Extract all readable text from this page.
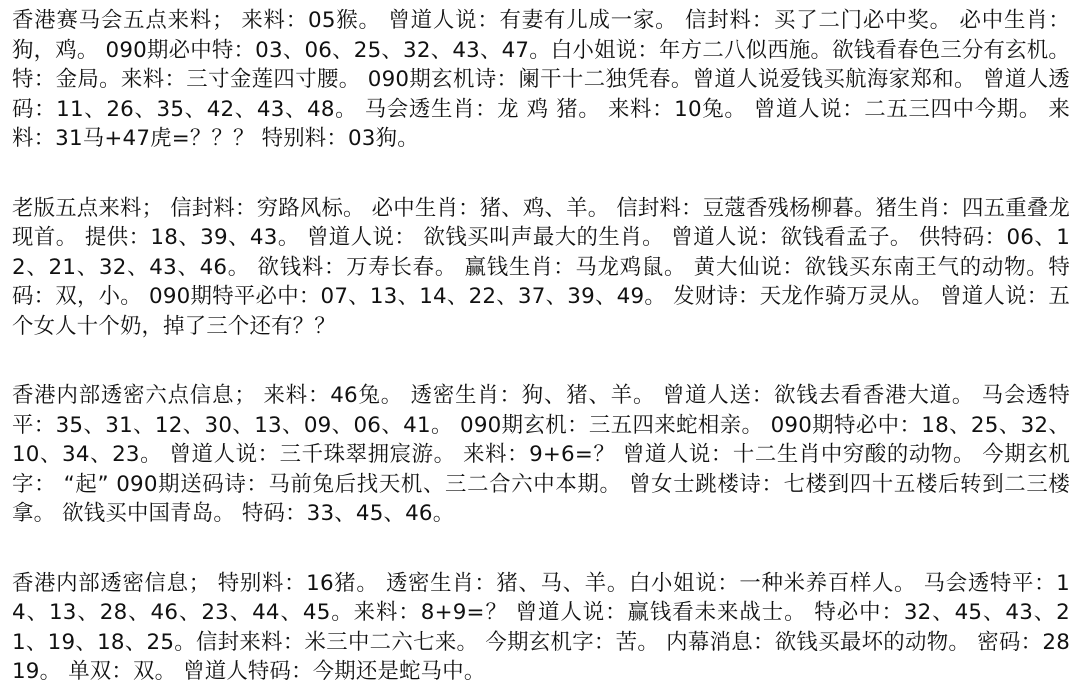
香港赛马会五点来料； 来料：05猴。 曾道人说：有妻有儿成一家。 信封料：买了二门必中奖。 必中生肖：狗，鸡。 090期必中特：03、06、25、32、43、47。白小姐说：年方二八似西施。欲钱看春色三分有玄机。 特：金局。来料：三寸金莲四寸腰。 090期玄机诗：阑干十二独凭春。曾道人说爱钱买航海家郑和。 曾道人透码：11、26、35、42、43、48。 马会透生肖：龙 鸡 猪。 来料：10兔。 曾道人说：二五三四中今期。 来料：31马+47虎=？？？ 特别料：03狗。

老版五点来料； 信封料：穷路风标。 必中生肖：猪、鸡、羊。 信封料：豆蔻香残杨柳暮。猪生肖：四五重叠龙现首。 提供：18、39、43。 曾道人说： 欲钱买叫声最大的生肖。 曾道人说：欲钱看孟子。 供特码：06、12、21、32、43、46。 欲钱料：万寿长春。 赢钱生肖：马龙鸡鼠。 黄大仙说：欲钱买东南王气的动物。特码：双，小。 090期特平必中：07、13、14、22、37、39、49。 发财诗：天龙作骑万灵从。 曾道人说：五个女人十个奶，掉了三个还有？？

香港内部透密六点信息； 来料：46兔。 透密生肖：狗、猪、羊。 曾道人送：欲钱去看香港大道。 马会透特平：35、31、12、30、13、09、06、41。 090期玄机：三五四来蛇相亲。 090期特必中：18、25、32、10、34、23。 曾道人说：三千珠翠拥宸游。 来料：9+6=？ 曾道人说：十二生肖中穷酸的动物。 今期玄机字： “起” 090期送码诗：马前兔后找天机、三二合六中本期。 曾女士跳楼诗：七楼到四十五楼后转到二三楼拿。 欲钱买中国青岛。 特码：33、45、46。

香港内部透密信息； 特别料：16猪。 透密生肖：猪、马、羊。白小姐说：一种米养百样人。 马会透特平：14、13、28、46、23、44、45。来料：8+9=？ 曾道人说：赢钱看未来战士。 特必中：32、45、43、21、19、18、25。信封来料：米三中二六七来。 今期玄机字：苦。 内幕消息：欲钱买最坏的动物。 密码：2819。 单双：双。 曾道人特码：今期还是蛇马中。
